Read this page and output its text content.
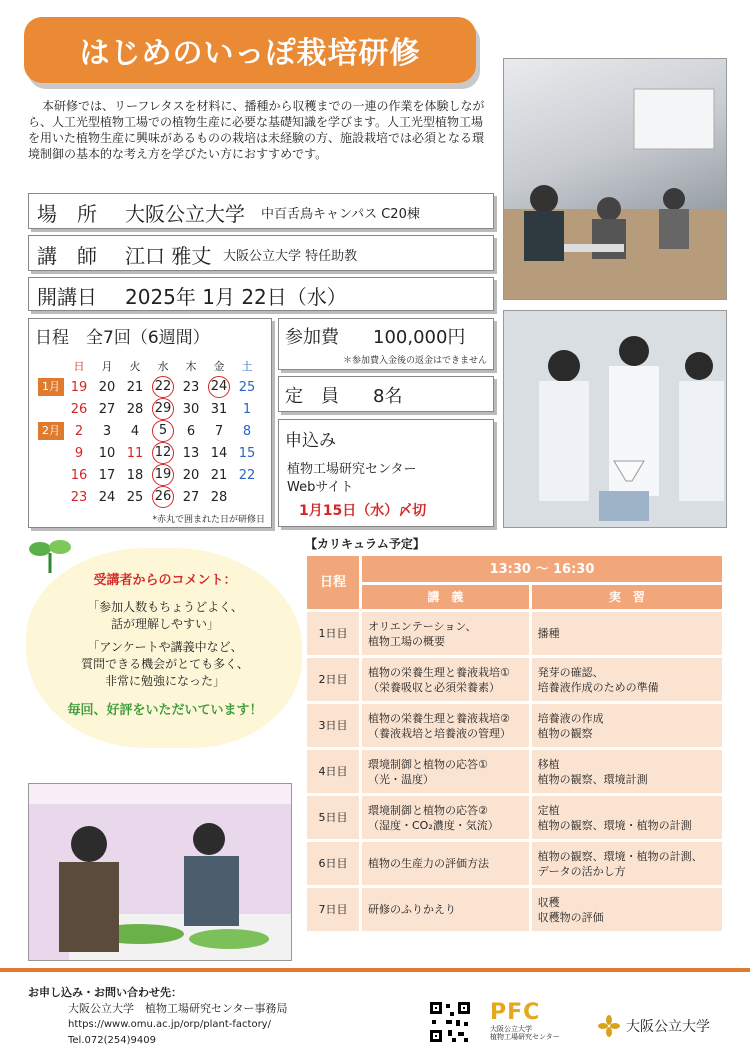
はじめのいっぽ栽培研修
本研修では、リーフレタスを材料に、播種から収穫までの一連の作業を体験しながら、人工光型植物工場での植物生産に必要な基礎知識を学びます。人工光型植物工場を用いた植物生産に興味があるものの栽培は未経験の方、施設栽培では必須となる環境制御の基本的な考え方を学びたい方におすすめです。
場　所 大阪公立大学 中百舌鳥キャンパス C20棟
講　師 江口 雅丈 大阪公立大学 特任助教
開講日 2025年 1月 22日（水）
日程　全7回（6週間）
	日	月	火	水	木	金	土
1月	19	20	21	22	23	24	25
	26	27	28	29	30	31	1
2月	2	3	4	5	6	7	8
	9	10	11	12	13	14	15
	16	17	18	19	20	21	22
	23	24	25	26	27	28	
*赤丸で囲まれた日が研修日
参加費 100,000円
＊参加費入金後の返金はできません
定　員 8名
申込み
植物工場研究センター
Webサイト
1月15日（水）〆切
受講者からのコメント：
「参加人数もちょうどよく、
話が理解しやすい」
「アンケートや講義中など、
質問できる機会がとても多く、
非常に勉強になった」
毎回、好評をいただいています！
【カリキュラム予定】
日程	13:30 ～ 16:30	
	講　義	実　習
1日目	オリエンテーション、
植物工場の概要	播種
2日目	植物の栄養生理と養液栽培①
（栄養吸収と必須栄養素）	発芽の確認、
培養液作成のための準備
3日目	植物の栄養生理と養液栽培②
（養液栽培と培養液の管理）	培養液の作成
植物の観察
4日目	環境制御と植物の応答①
（光・温度）	移植
植物の観察、環境計測
5日目	環境制御と植物の応答②
（湿度・CO₂濃度・気流）	定植
植物の観察、環境・植物の計測
6日目	植物の生産力の評価方法	植物の観察、環境・植物の計測、
データの活かし方
7日目	研修のふりかえり	収穫
収穫物の評価
お申し込み・お問い合わせ先：
大阪公立大学　植物工場研究センター事務局
https://www.omu.ac.jp/orp/plant-factory/
Tel.072(254)9409
PFC
大阪公立大学
植物工場研究センター
大阪公立大学
